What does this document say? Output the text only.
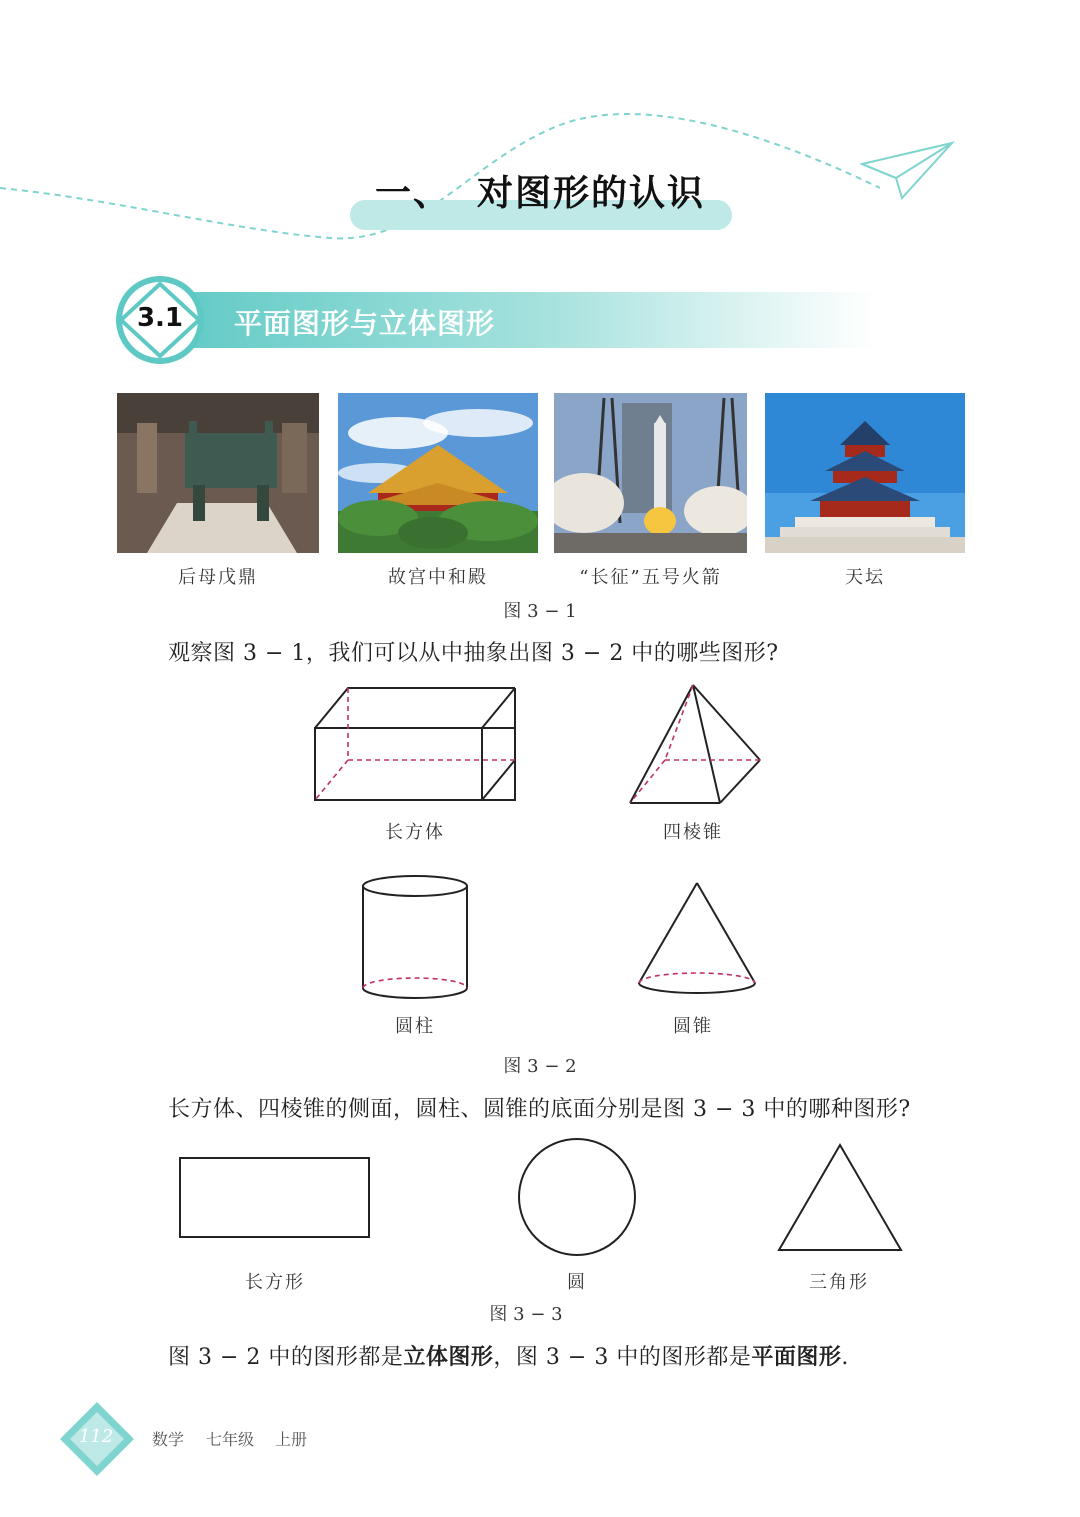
一、 对图形的认识
3.1	平面图形与立体图形
后母戊鼎	故宫中和殿	“长征”五号火箭	天坛
图 3 − 1
观察图 3 − 1，我们可以从中抽象出图 3 − 2 中的哪些图形?
长方体	四棱锥
圆柱	圆锥
图 3 − 2
长方体、四棱锥的侧面，圆柱、圆锥的底面分别是图 3 − 3 中的哪种图形?
长方形	圆	三角形
图 3 − 3
图 3 − 2 中的图形都是立体图形，图 3 − 3 中的图形都是平面图形.
112	数学 七年级 上册
